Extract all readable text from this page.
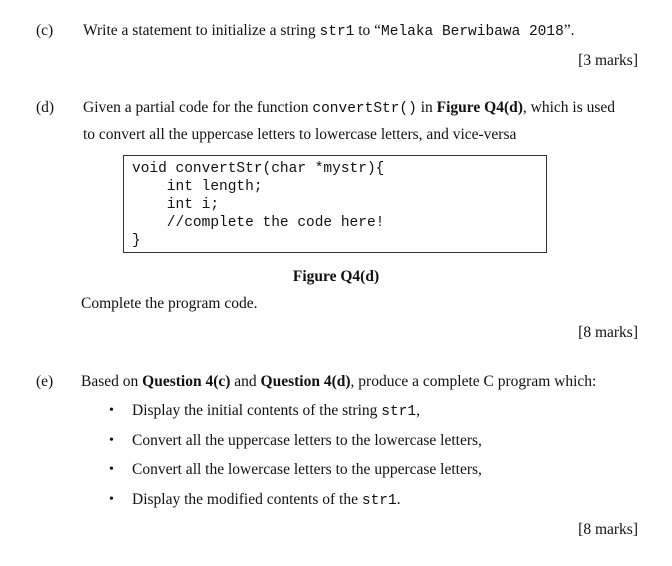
(c) Write a statement to initialize a string str1 to “Melaka Berwibawa 2018”.
[3 marks]
(d) Given a partial code for the function convertStr() in Figure Q4(d), which is used
to convert all the uppercase letters to lowercase letters, and vice-versa
void convertStr(char *mystr){
int length;
int i;
//complete the code here!
}
Figure Q4(d)
Complete the program code.
[8 marks]
(e) Based on Question 4(c) and Question 4(d), produce a complete C program which:
• Display the initial contents of the string str1,
• Convert all the uppercase letters to the lowercase letters,
• Convert all the lowercase letters to the uppercase letters,
• Display the modified contents of the str1.
[8 marks]
